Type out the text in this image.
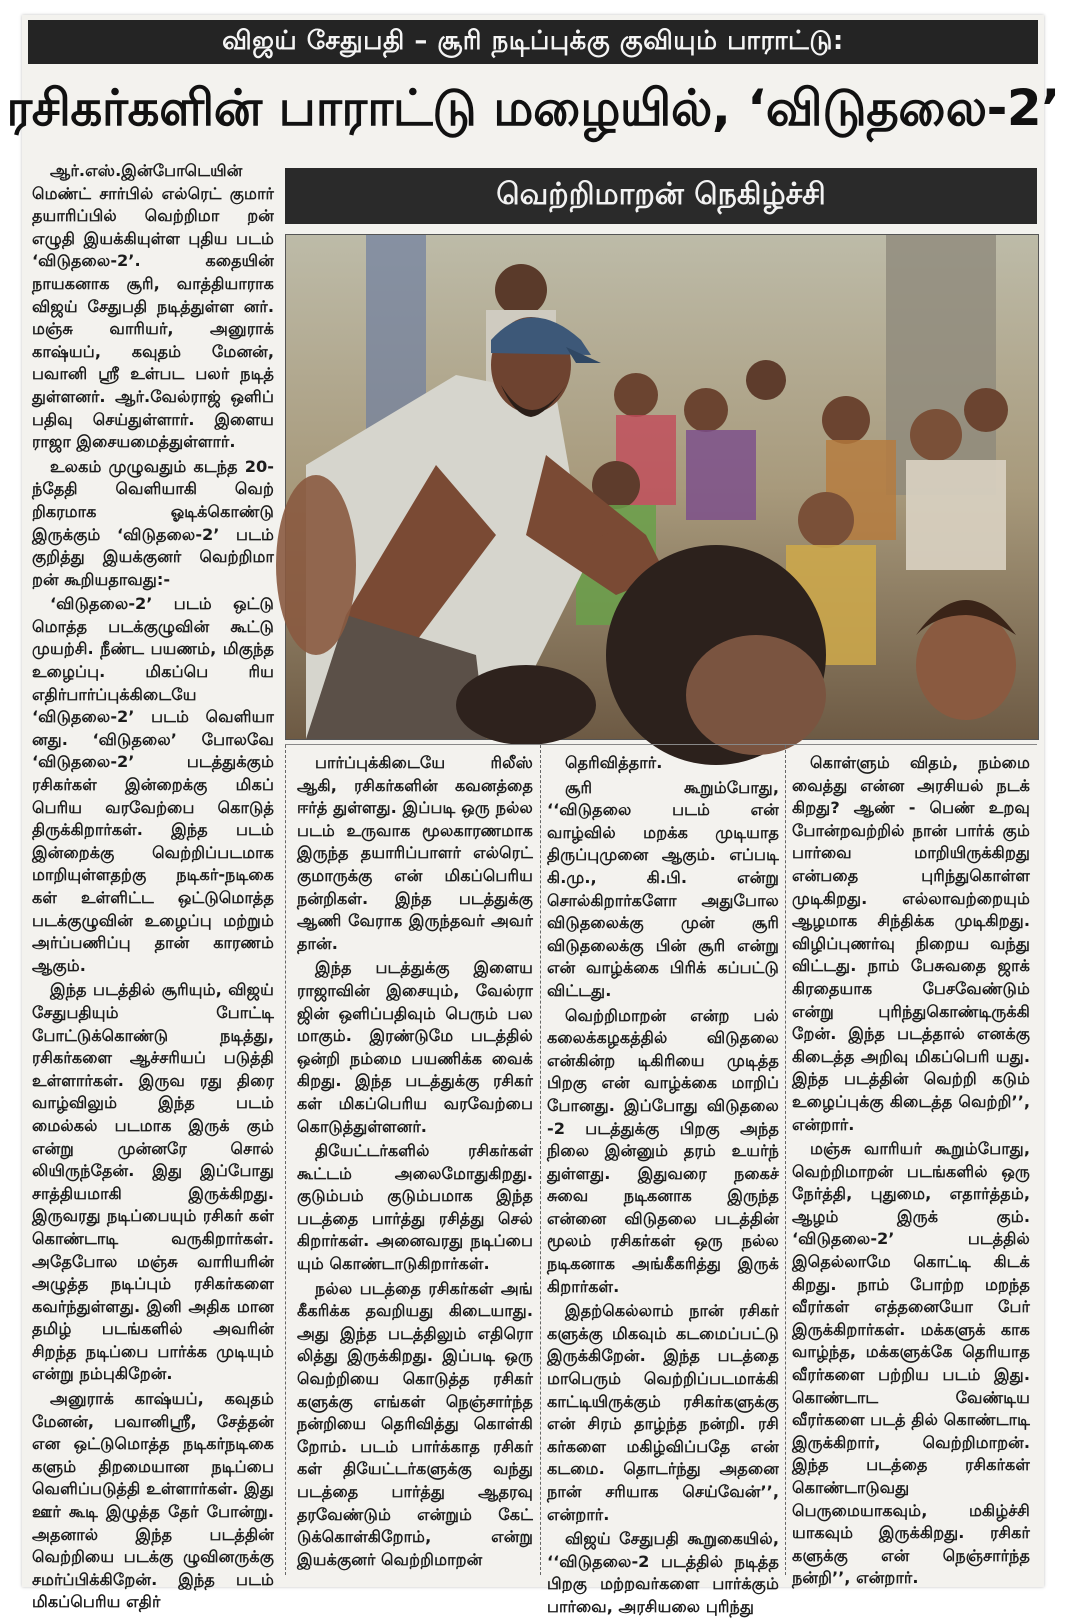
விஜய் சேதுபதி – சூரி நடிப்புக்கு குவியும் பாராட்டு:
ரசிகர்களின் பாராட்டு மழையில், ‘விடுதலை-2’
வெற்றிமாறன் நெகிழ்ச்சி

ஆர்.எஸ்.இன்போடெயின் மெண்ட் சார்பில் எல்ரெட் குமார் தயாரிப்பில் வெற்றிமா றன் எழுதி இயக்கியுள்ள புதிய படம் ‘விடுதலை-2’. கதையின் நாயகனாக சூரி, வாத்தியாராக விஜய் சேதுபதி நடித்துள்ள னர். மஞ்சு வாரியர், அனுராக் காஷ்யப், கவுதம் மேனன், பவானி ஸ்ரீ உள்பட பலர் நடித் துள்ளனர். ஆர்.வேல்ராஜ் ஒளிப் பதிவு செய்துள்ளார். இளைய ராஜா இசையமைத்துள்ளார்.

உலகம் முழுவதும் கடந்த 20-ந்தேதி வெளியாகி வெற் றிகரமாக ஓடிக்கொண்டு இருக்கும் ‘விடுதலை-2’ படம் குறித்து இயக்குனர் வெற்றிமா றன் கூறியதாவது:-

‘விடுதலை-2’ படம் ஒட்டு மொத்த படக்குழுவின் கூட்டு முயற்சி. நீண்ட பயணம், மிகுந்த உழைப்பு. மிகப்பெ ரிய எதிர்பார்ப்புக்கிடையே ‘விடுதலை-2’ படம் வெளியா னது. ‘விடுதலை’ போலவே ‘விடுதலை-2’ படத்துக்கும் ரசிகர்கள் இன்றைக்கு மிகப் பெரிய வரவேற்பை கொடுத் திருக்கிறார்கள். இந்த படம் இன்றைக்கு வெற்றிப்படமாக மாறியுள்ளதற்கு நடிகர்-நடிகை கள் உள்ளிட்ட ஒட்டுமொத்த படக்குழுவின் உழைப்பு மற்றும் அர்ப்பணிப்பு தான் காரணம் ஆகும்.

இந்த படத்தில் சூரியும், விஜய் சேதுபதியும் போட்டி போட்டுக்கொண்டு நடித்து, ரசிகர்களை ஆச்சரியப் படுத்தி உள்ளார்கள். இருவ ரது திரை வாழ்விலும் இந்த படம் மைல்கல் படமாக இருக் கும் என்று முன்னரே சொல் லியிருந்தேன். இது இப்போது சாத்தியமாகி இருக்கிறது. இருவரது நடிப்பையும் ரசிகர் கள் கொண்டாடி வருகிறார்கள். அதேபோல மஞ்சு வாரியரின் அழுத்த நடிப்பும் ரசிகர்களை கவர்ந்துள்ளது. இனி அதிக மான தமிழ் படங்களில் அவரின் சிறந்த நடிப்பை பார்க்க முடியும் என்று நம்புகிறேன்.

அனுராக் காஷ்யப், கவுதம் மேனன், பவானிஸ்ரீ, சேத்தன் என ஒட்டுமொத்த நடிகர்நடிகை களும் திறமையான நடிப்பை வெளிப்படுத்தி உள்ளார்கள். இது ஊர் கூடி இழுத்த தேர் போன்று. அதனால் இந்த படத்தின் வெற்றியை படக்கு ழுவினருக்கு சமர்ப்பிக்கிறேன். இந்த படம் மிகப்பெரிய எதிர்

பார்ப்புக்கிடையே ரிலீஸ் ஆகி, ரசிகர்களின் கவனத்தை ஈர்த் துள்ளது. இப்படி ஒரு நல்ல படம் உருவாக மூலகாரணமாக இருந்த தயாரிப்பாளர் எல்ரெட் குமாருக்கு என் மிகப்பெரிய நன்றிகள். இந்த படத்துக்கு ஆணி வேராக இருந்தவர் அவர் தான்.

இந்த படத்துக்கு இளைய ராஜாவின் இசையும், வேல்ரா ஜின் ஒளிப்பதிவும் பெரும் பல மாகும். இரண்டுமே படத்தில் ஒன்றி நம்மை பயணிக்க வைக் கிறது. இந்த படத்துக்கு ரசிகர் கள் மிகப்பெரிய வரவேற்பை கொடுத்துள்ளனர்.

தியேட்டர்களில் ரசிகர்கள் கூட்டம் அலைமோதுகிறது. குடும்பம் குடும்பமாக இந்த படத்தை பார்த்து ரசித்து செல் கிறார்கள். அனைவரது நடிப்பை யும் கொண்டாடுகிறார்கள்.

நல்ல படத்தை ரசிகர்கள் அங் கீகரிக்க தவறியது கிடையாது. அது இந்த படத்திலும் எதிரொ லித்து இருக்கிறது. இப்படி ஒரு வெற்றியை கொடுத்த ரசிகர் களுக்கு எங்கள் நெஞ்சார்ந்த நன்றியை தெரிவித்து கொள்கி றோம். படம் பார்க்காத ரசிகர் கள் தியேட்டர்களுக்கு வந்து படத்தை பார்த்து ஆதரவு தரவேண்டும் என்றும் கேட் டுக்கொள்கிறோம், என்று இயக்குனர் வெற்றிமாறன்

தெரிவித்தார்.

சூரி கூறும்போது, ‘‘விடுதலை படம் என் வாழ்வில் மறக்க முடியாத திருப்புமுனை ஆகும். எப்படி கி.மு., கி.பி. என்று சொல்கிறார்களோ அதுபோல விடுதலைக்கு முன் சூரி விடுதலைக்கு பின் சூரி என்று என் வாழ்க்கை பிரிக் கப்பட்டு விட்டது.

வெற்றிமாறன் என்ற பல் கலைக்கழகத்தில் விடுதலை என்கின்ற டிகிரியை முடித்த பிறகு என் வாழ்க்கை மாறிப் போனது. இப்போது விடுதலை -2 படத்துக்கு பிறகு அந்த நிலை இன்னும் தரம் உயர்ந் துள்ளது. இதுவரை நகைச் சுவை நடிகனாக இருந்த என்னை விடுதலை படத்தின் மூலம் ரசிகர்கள் ஒரு நல்ல நடிகனாக அங்கீகரித்து இருக் கிறார்கள்.

இதற்கெல்லாம் நான் ரசிகர் களுக்கு மிகவும் கடமைப்பட்டு இருக்கிறேன். இந்த படத்தை மாபெரும் வெற்றிப்படமாக்கி காட்டியிருக்கும் ரசிகர்களுக்கு என் சிரம் தாழ்ந்த நன்றி. ரசி கர்களை மகிழ்விப்பதே என் கடமை. தொடர்ந்து அதனை நான் சரியாக செய்வேன்’’, என்றார்.

விஜய் சேதுபதி கூறுகையில், ‘‘விடுதலை-2 படத்தில் நடித்த பிறகு மற்றவர்களை பார்க்கும் பார்வை, அரசியலை புரிந்து

கொள்ளும் விதம், நம்மை வைத்து என்ன அரசியல் நடக் கிறது? ஆண் - பெண் உறவு போன்றவற்றில் நான் பார்க் கும் பார்வை மாறியிருக்கிறது என்பதை புரிந்துகொள்ள முடிகிறது. எல்லாவற்றையும் ஆழமாக சிந்திக்க முடிகிறது. விழிப்புணர்வு நிறைய வந்து விட்டது. நாம் பேசுவதை ஜாக் கிரதையாக பேசவேண்டும் என்று புரிந்துகொண்டிருக்கி றேன். இந்த படத்தால் எனக்கு கிடைத்த அறிவு மிகப்பெரி யது. இந்த படத்தின் வெற்றி கடும் உழைப்புக்கு கிடைத்த வெற்றி’’, என்றார்.

மஞ்சு வாரியர் கூறும்போது, வெற்றிமாறன் படங்களில் ஒரு நேர்த்தி, புதுமை, எதார்த்தம், ஆழம் இருக் கும். ‘விடுதலை-2’ படத்தில் இதெல்லாமே கொட்டி கிடக் கிறது. நாம் போற்ற மறந்த வீரர்கள் எத்தனையோ பேர் இருக்கிறார்கள். மக்களுக் காக வாழ்ந்த, மக்களுக்கே தெரியாத வீரர்களை பற்றிய படம் இது. கொண்டாட வேண்டிய வீரர்களை படத் தில் கொண்டாடி இருக்கிறார், வெற்றிமாறன். இந்த படத்தை ரசிகர்கள் கொண்டாடுவது பெருமையாகவும், மகிழ்ச்சி யாகவும் இருக்கிறது. ரசிகர் களுக்கு என் நெஞ்சார்ந்த நன்றி’’, என்றார்.
